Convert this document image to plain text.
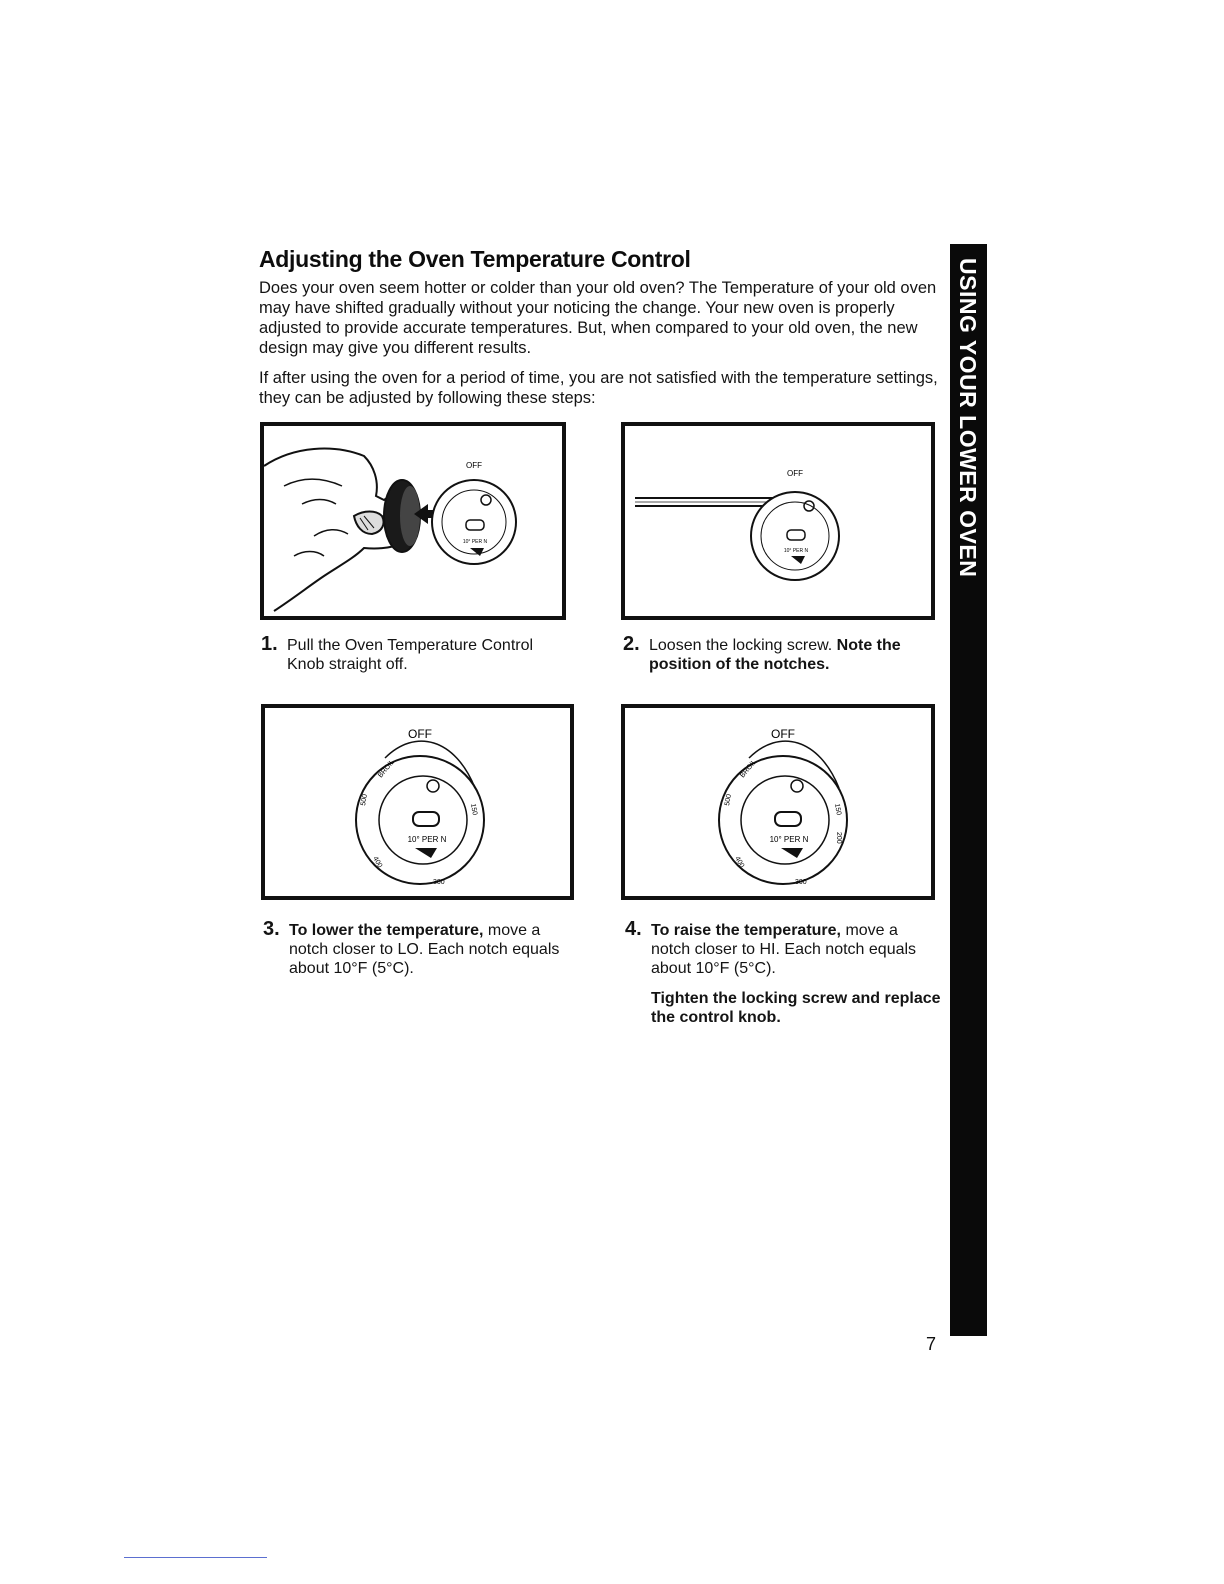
Adjusting the Oven Temperature Control

Does your oven seem hotter or colder than your old oven? The Temperature of your old oven may have shifted gradually without your noticing the change. Your new oven is properly adjusted to provide accurate temperatures. But, when compared to your old oven, the new design may give you different results.

If after using the oven for a period of time, you are not satisfied with the temperature settings, they can be adjusted by following these steps:	USING YOUR LOWER OVEN
OFF
10° PER N
OFF
10° PER N
OFF
10° PER N
BROIL
500
400
300
150
OFF
10° PER N
BROIL
500
400
300
150
200
1. Pull the Oven Temperature Control Knob straight off.
2. Loosen the locking screw. Note the position of the notches.
3. To lower the temperature, move a notch closer to LO. Each notch equals about 10°F (5°C).
4. To raise the temperature, move a notch closer to HI. Each notch equals about 10°F (5°C).
Tighten the locking screw and replace the control knob.
7
